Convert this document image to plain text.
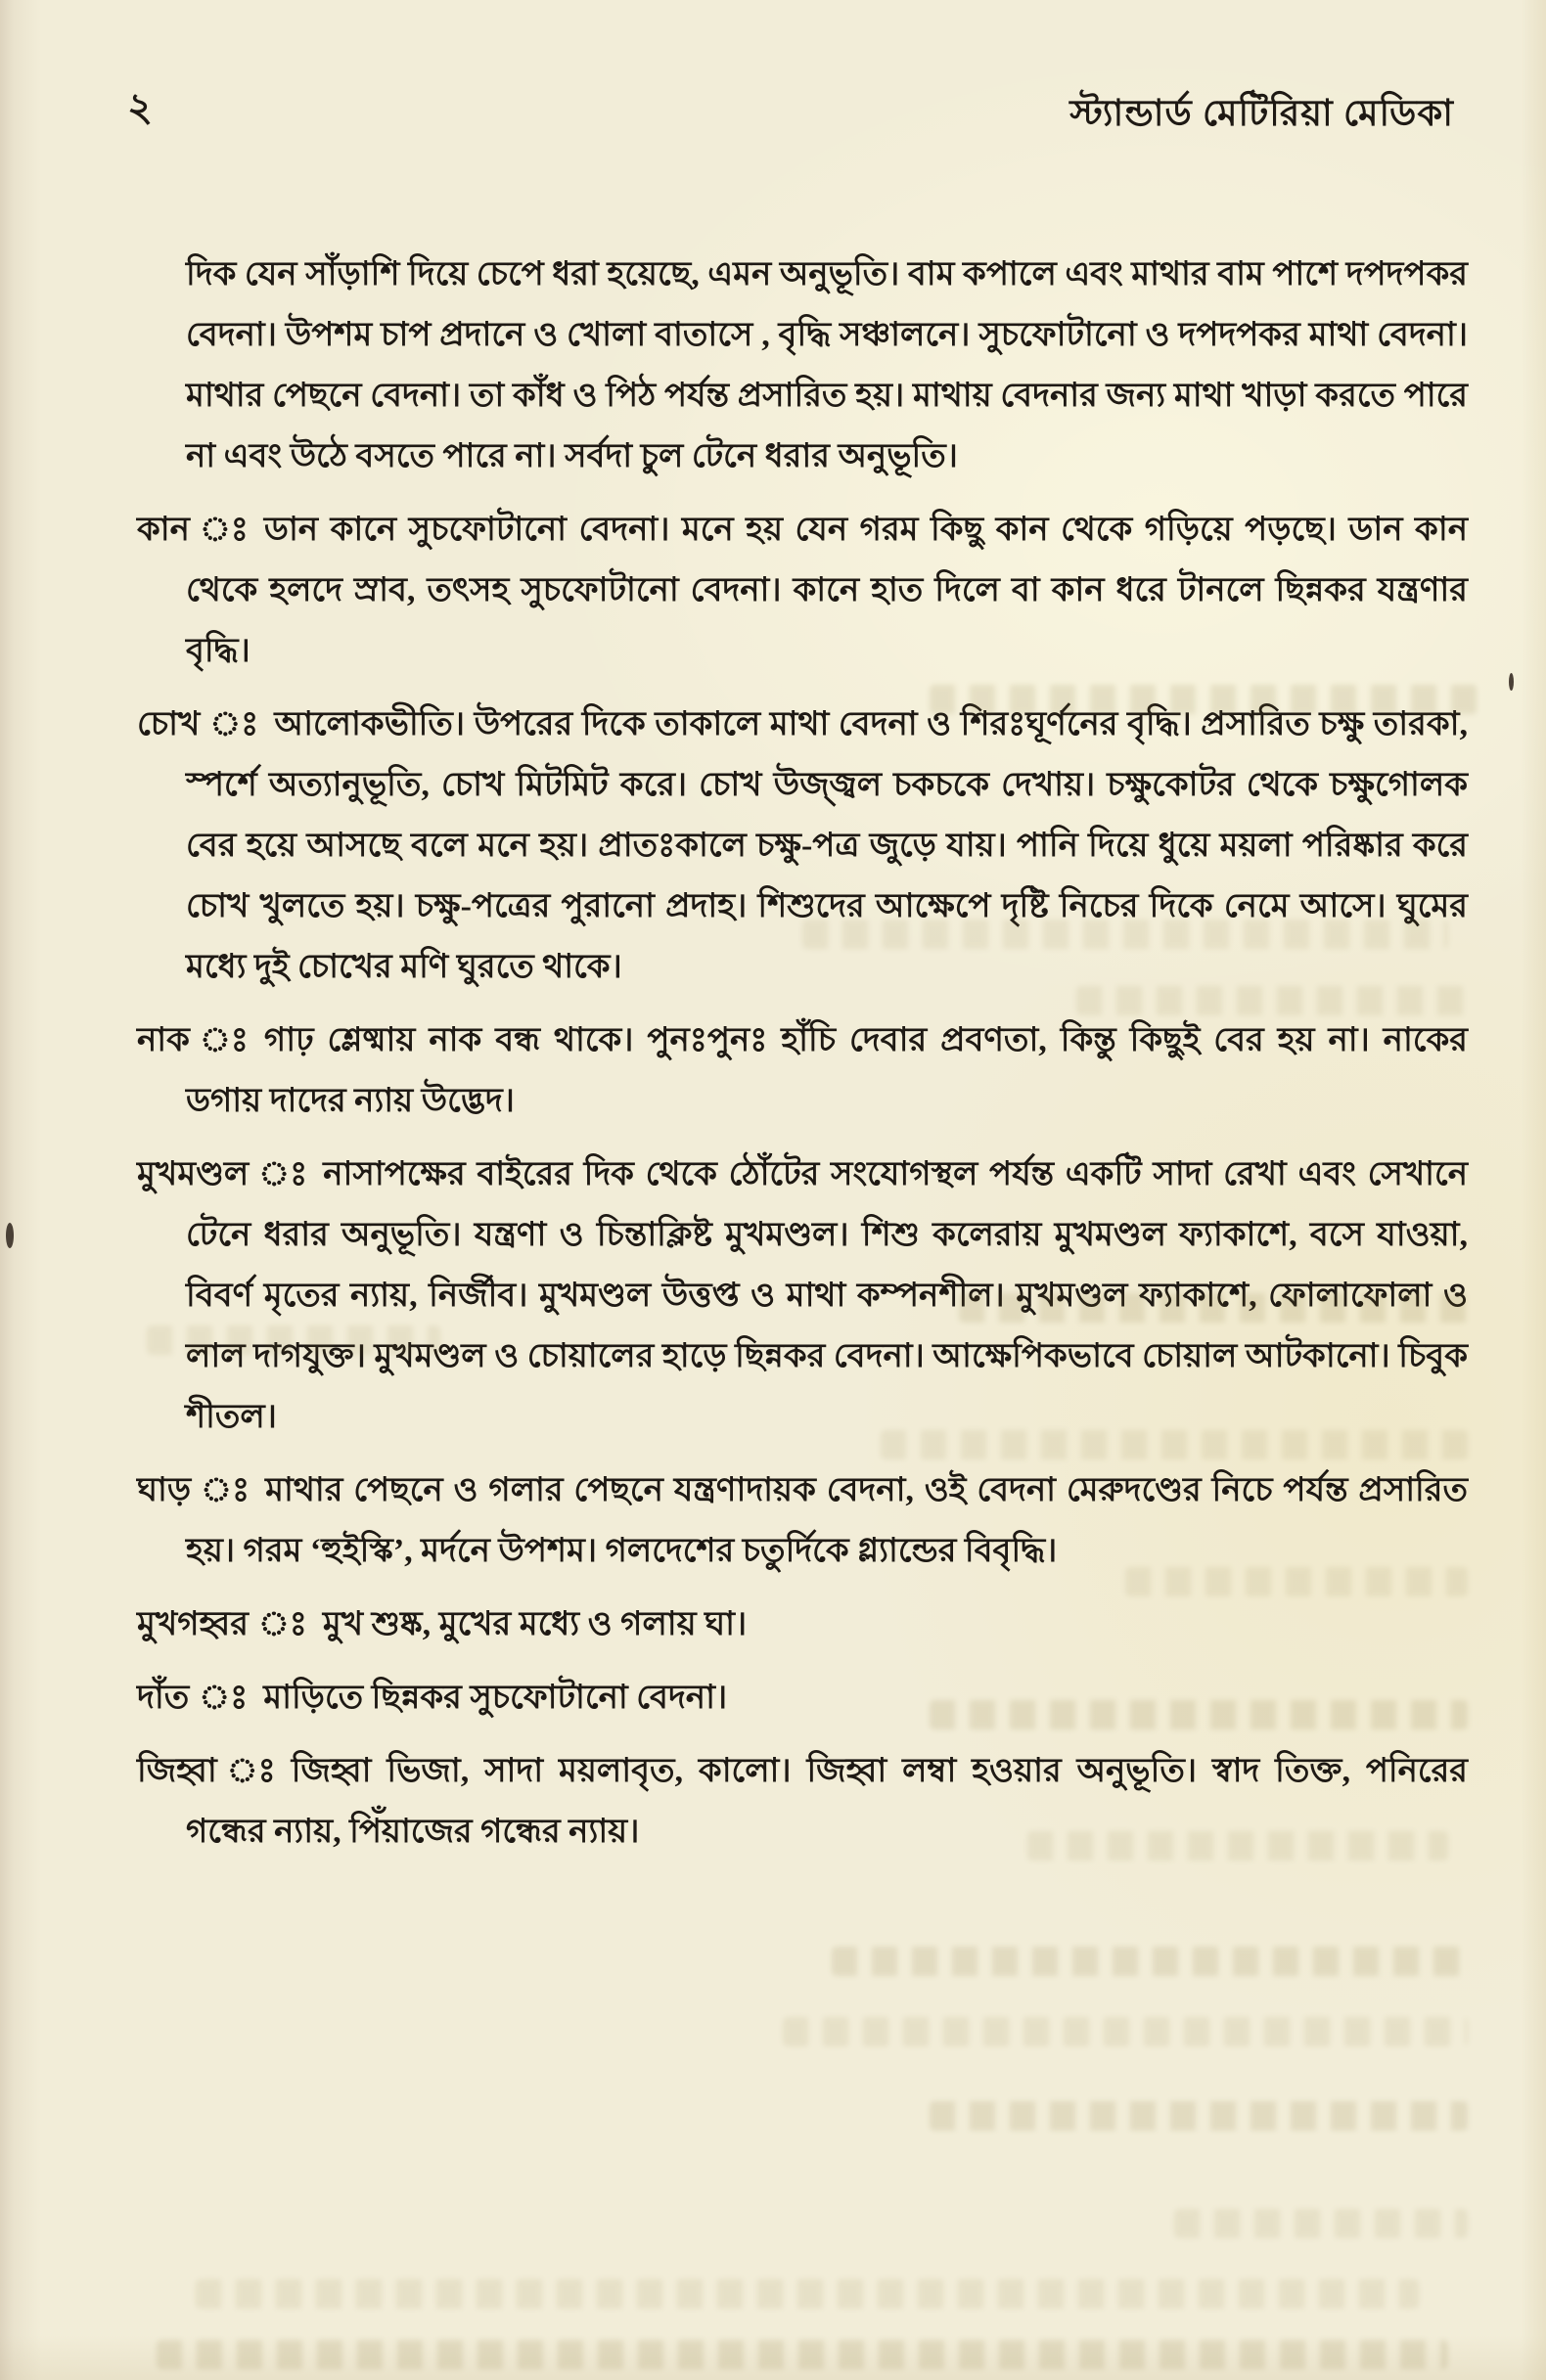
২	স্ট্যান্ডার্ড মেটিরিয়া মেডিকা

দিক যেন সাঁড়াশি দিয়ে চেপে ধরা হয়েছে, এমন অনুভূতি। বাম কপালে এবং মাথার বাম পাশে দপদপকর বেদনা। উপশম চাপ প্রদানে ও খোলা বাতাসে , বৃদ্ধি সঞ্চালনে। সুচফোটানো ও দপদপকর মাথা বেদনা। মাথার পেছনে বেদনা। তা কাঁধ ও পিঠ পর্যন্ত প্রসারিত হয়। মাথায় বেদনার জন্য মাথা খাড়া করতে পারে না এবং উঠে বসতে পারে না। সর্বদা চুল টেনে ধরার অনুভূতি।

কান ঃ ডান কানে সুচফোটানো বেদনা। মনে হয় যেন গরম কিছু কান থেকে গড়িয়ে পড়ছে। ডান কান থেকে হলদে স্রাব, তৎসহ সুচফোটানো বেদনা। কানে হাত দিলে বা কান ধরে টানলে ছিন্নকর যন্ত্রণার বৃদ্ধি।

চোখ ঃ আলোকভীতি। উপরের দিকে তাকালে মাথা বেদনা ও শিরঃঘূর্ণনের বৃদ্ধি। প্রসারিত চক্ষু তারকা, স্পর্শে অত্যানুভূতি, চোখ মিটমিট করে। চোখ উজ্জ্বল চকচকে দেখায়। চক্ষুকোটর থেকে চক্ষুগোলক বের হয়ে আসছে বলে মনে হয়। প্রাতঃকালে চক্ষু-পত্র জুড়ে যায়। পানি দিয়ে ধুয়ে ময়লা পরিষ্কার করে চোখ খুলতে হয়। চক্ষু-পত্রের পুরানো প্রদাহ। শিশুদের আক্ষেপে দৃষ্টি নিচের দিকে নেমে আসে। ঘুমের মধ্যে দুই চোখের মণি ঘুরতে থাকে।

নাক ঃ গাঢ় শ্লেষ্মায় নাক বন্ধ থাকে। পুনঃপুনঃ হাঁচি দেবার প্রবণতা, কিন্তু কিছুই বের হয় না। নাকের ডগায় দাদের ন্যায় উদ্ভেদ।

মুখমণ্ডল ঃ নাসাপক্ষের বাইরের দিক থেকে ঠোঁটের সংযোগস্থল পর্যন্ত একটি সাদা রেখা এবং সেখানে টেনে ধরার অনুভূতি। যন্ত্রণা ও চিন্তাক্লিষ্ট মুখমণ্ডল। শিশু কলেরায় মুখমণ্ডল ফ্যাকাশে, বসে যাওয়া, বিবর্ণ মৃতের ন্যায়, নির্জীব। মুখমণ্ডল উত্তপ্ত ও মাথা কম্পনশীল। মুখমণ্ডল ফ্যাকাশে, ফোলাফোলা ও লাল দাগযুক্ত। মুখমণ্ডল ও চোয়ালের হাড়ে ছিন্নকর বেদনা। আক্ষেপিকভাবে চোয়াল আটকানো। চিবুক শীতল।

ঘাড় ঃ মাথার পেছনে ও গলার পেছনে যন্ত্রণাদায়ক বেদনা, ওই বেদনা মেরুদণ্ডের নিচে পর্যন্ত প্রসারিত হয়। গরম ‘হুইস্কি’, মর্দনে উপশম। গলদেশের চতুর্দিকে গ্ল্যান্ডের বিবৃদ্ধি।

মুখগহ্বর ঃ মুখ শুষ্ক, মুখের মধ্যে ও গলায় ঘা।

দাঁত ঃ মাড়িতে ছিন্নকর সুচফোটানো বেদনা।

জিহ্বা ঃ জিহ্বা ভিজা, সাদা ময়লাবৃত, কালো। জিহ্বা লম্বা হওয়ার অনুভূতি। স্বাদ তিক্ত, পনিরের গন্ধের ন্যায়, পিঁয়াজের গন্ধের ন্যায়।
